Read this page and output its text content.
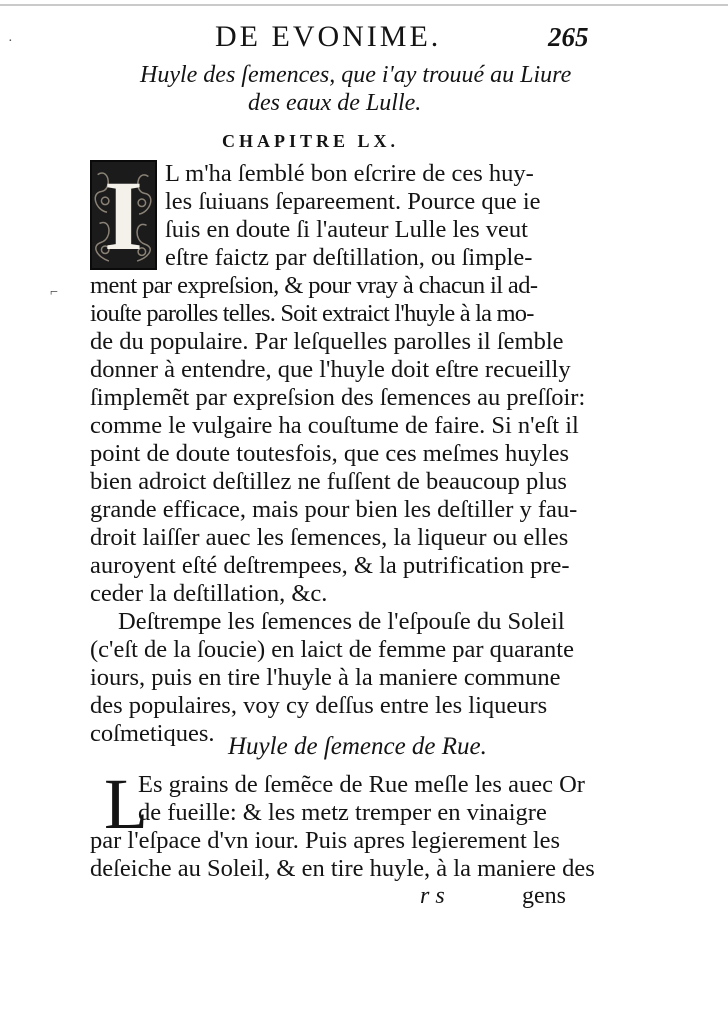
DE EVONIME.	265
·
Huyle des ſemences, que i'ay trouué au Liure
des eaux de Lulle.
CHAPITRE LX.
I L m'ha ſemblé bon eſcrire de ces huy-
les ſuiuans ſepareement. Pource que ie
ſuis en doute ſi l'auteur Lulle les veut
eſtre faictz par deſtillation, ou ſimple-
ment par expreſsion, & pour vray à chacun il ad-
iouſte parolles telles. Soit extraict l'huyle à la mo-
de du populaire. Par leſquelles parolles il ſemble
donner à entendre, que l'huyle doit eſtre recueilly
ſimplemẽt par expreſsion des ſemences au preſſoir:
comme le vulgaire ha couſtume de faire. Si n'eſt il
point de doute toutesfois, que ces meſmes huyles
bien adroict deſtillez ne fuſſent de beaucoup plus
grande efficace, mais pour bien les deſtiller y fau-
droit laiſſer auec les ſemences, la liqueur ou elles
auroyent eſté deſtrempees, & la putrification pre-
ceder la deſtillation, &c.
⌐
Deſtrempe les ſemences de l'eſpouſe du Soleil
(c'eſt de la ſoucie) en laict de femme par quarante
iours, puis en tire l'huyle à la maniere commune
des populaires, voy cy deſſus entre les liqueurs
coſmetiques. Huyle de ſemence de Rue.
L
Es grains de ſemẽce de Rue meſle les auec Or
de fueille: & les metz tremper en vinaigre
par l'eſpace d'vn iour. Puis apres legierement les
deſeiche au Soleil, & en tire huyle, à la maniere des
r s	gens
